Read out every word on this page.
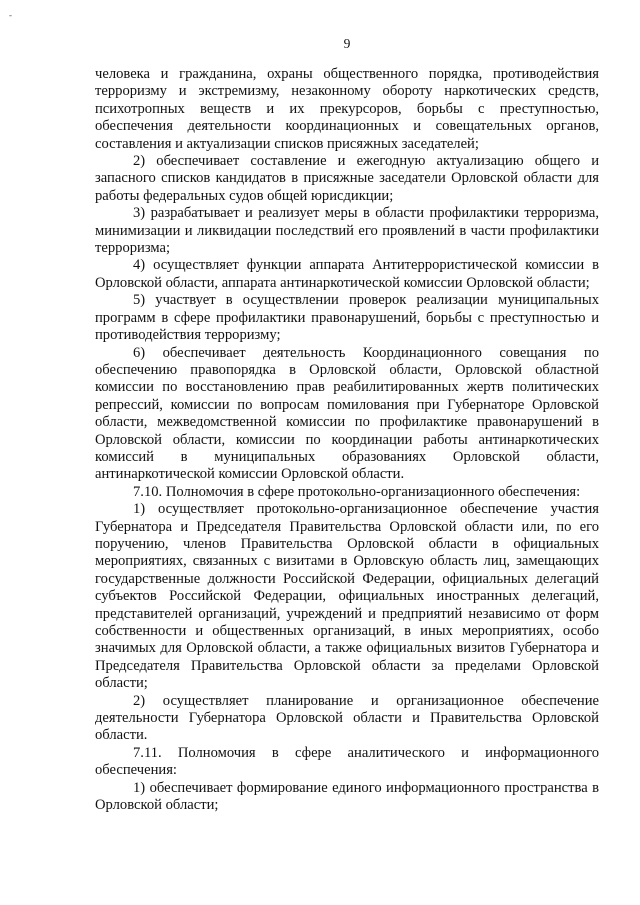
-
9

человека и гражданина, охраны общественного порядка, противодействия терроризму и экстремизму, незаконному обороту наркотических средств, психотропных веществ и их прекурсоров, борьбы с преступностью, обеспечения деятельности координационных и совещательных органов, составления и актуализации списков присяжных заседателей;

2) обеспечивает составление и ежегодную актуализацию общего и запасного списков кандидатов в присяжные заседатели Орловской области для работы федеральных судов общей юрисдикции;

3) разрабатывает и реализует меры в области профилактики терроризма, минимизации и ликвидации последствий его проявлений в части профилактики терроризма;

4) осуществляет функции аппарата Антитеррористической комиссии в Орловской области, аппарата антинаркотической комиссии Орловской области;

5) участвует в осуществлении проверок реализации муниципальных программ в сфере профилактики правонарушений, борьбы с преступностью и противодействия терроризму;

6) обеспечивает деятельность Координационного совещания по обеспечению правопорядка в Орловской области, Орловской областной комиссии по восстановлению прав реабилитированных жертв политических репрессий, комиссии по вопросам помилования при Губернаторе Орловской области, межведомственной комиссии по профилактике правонарушений в Орловской области, комиссии по координации работы антинаркотических комиссий в муниципальных образованиях Орловской области, антинаркотической комиссии Орловской области.

7.10. Полномочия в сфере протокольно-организационного обеспечения:

1) осуществляет протокольно-организационное обеспечение участия Губернатора и Председателя Правительства Орловской области или, по его поручению, членов Правительства Орловской области в официальных мероприятиях, связанных с визитами в Орловскую область лиц, замещающих государственные должности Российской Федерации, официальных делегаций субъектов Российской Федерации, официальных иностранных делегаций, представителей организаций, учреждений и предприятий независимо от форм собственности и общественных организаций, в иных мероприятиях, особо значимых для Орловской области, а также официальных визитов Губернатора и Председателя Правительства Орловской области за пределами Орловской области;

2) осуществляет планирование и организационное обеспечение деятельности Губернатора Орловской области и Правительства Орловской области.

7.11. Полномочия в сфере аналитического и информационного обеспечения:

1) обеспечивает формирование единого информационного пространства в Орловской области;
